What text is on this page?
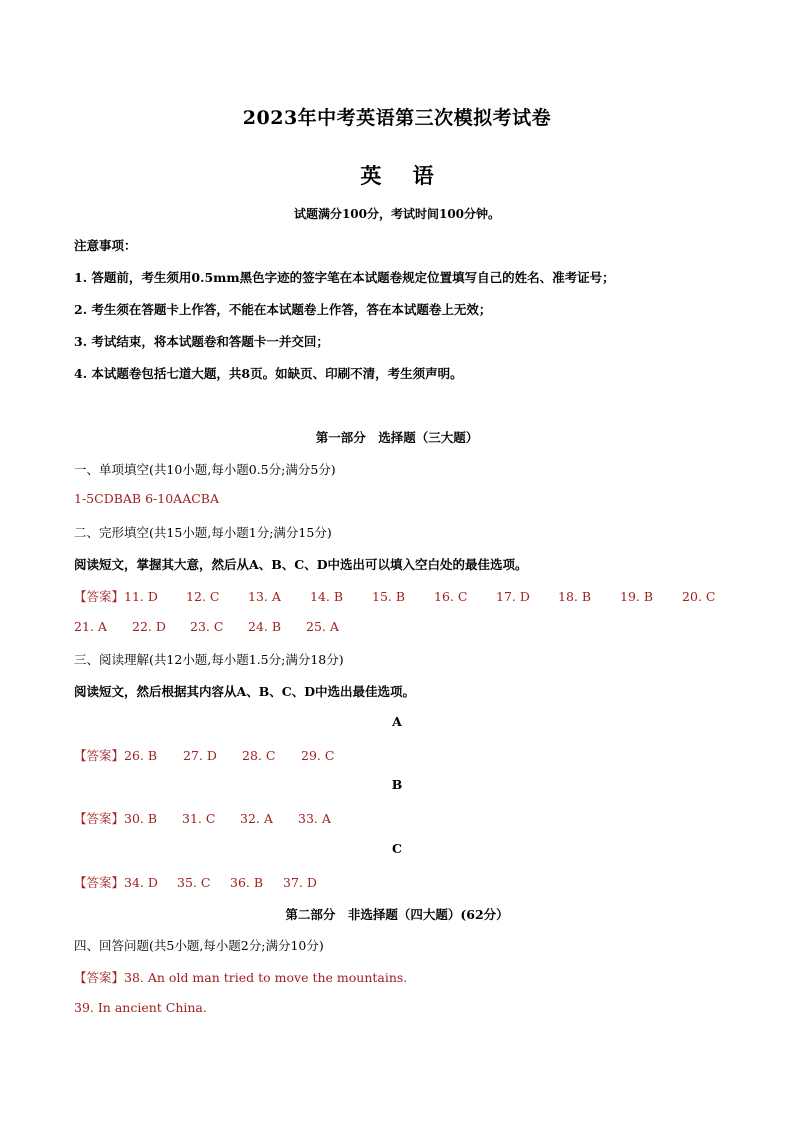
2023年中考英语第三次模拟考试卷
英 语
试题满分100分，考试时间100分钟。
注意事项：
1. 答题前，考生须用0.5mm黑色字迹的签字笔在本试题卷规定位置填写自己的姓名、准考证号；
2. 考生须在答题卡上作答，不能在本试题卷上作答，答在本试题卷上无效；
3. 考试结束，将本试题卷和答题卡一并交回；
4. 本试题卷包括七道大题，共8页。如缺页、印刷不清，考生须声明。
第一部分　选择题（三大题）
一、单项填空(共10小题,每小题0.5分;满分5分)
1-5CDBAB 6-10AACBA
二、完形填空(共15小题,每小题1分;满分15分)
阅读短文，掌握其大意，然后从A、B、C、D中选出可以填入空白处的最佳选项。
【答案】11. D 12. C 13. A 14. B 15. B 16. C 17. D 18. B 19. B 20. C
21. A 22. D 23. C 24. B 25. A
三、阅读理解(共12小题,每小题1.5分;满分18分)
阅读短文，然后根据其内容从A、B、C、D中选出最佳选项。
A
【答案】26. B 27. D 28. C 29. C
B
【答案】30. B 31. C 32. A 33. A
C
【答案】34. D 35. C 36. B 37. D
第二部分　非选择题（四大题）(62分）
四、回答问题(共5小题,每小题2分;满分10分)
【答案】38. An old man tried to move the mountains.
39. In ancient China.
